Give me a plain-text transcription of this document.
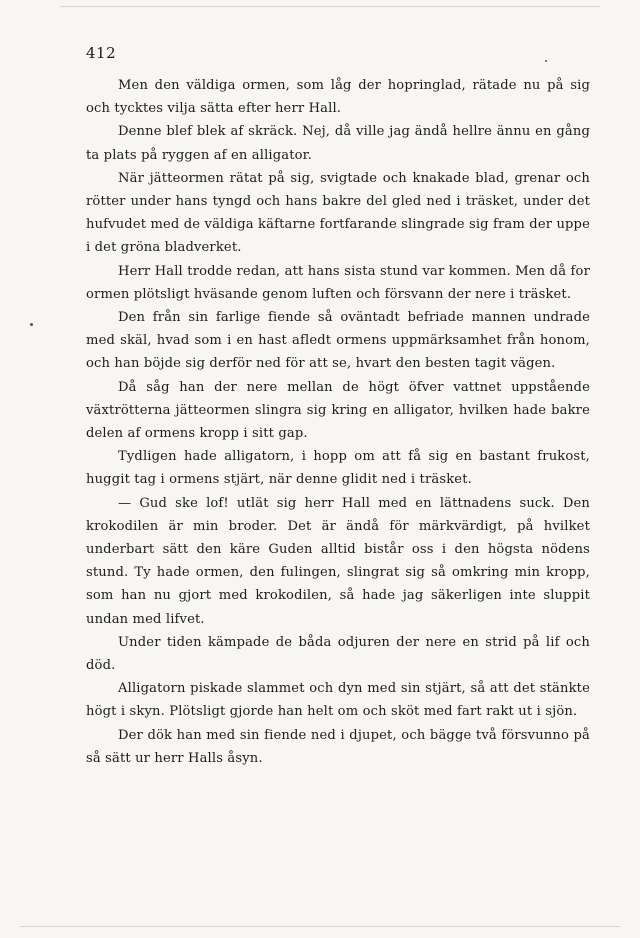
412

Men den väldiga ormen, som låg der hopringlad, rätade nu på sig och tycktes vilja sätta efter herr Hall.

Denne blef blek af skräck. Nej, då ville jag ändå hellre ännu en gång ta plats på ryggen af en alligator.

När jätteormen rätat på sig, svigtade och knakade blad, grenar och rötter under hans tyngd och hans bakre del gled ned i träsket, under det hufvudet med de väldiga käftarne fortfarande slingrade sig fram der uppe i det gröna bladverket.

Herr Hall trodde redan, att hans sista stund var kommen. Men då for ormen plötsligt hväsande genom luften och försvann der nere i träsket.

Den från sin farlige fiende så oväntadt befriade mannen undrade med skäl, hvad som i en hast afledt ormens uppmärksamhet från honom, och han böjde sig derför ned för att se, hvart den besten tagit vägen.

Då såg han der nere mellan de högt öfver vattnet uppstående växtrötterna jätteormen slingra sig kring en alligator, hvilken hade bakre delen af ormens kropp i sitt gap.

Tydligen hade alligatorn, i hopp om att få sig en bastant frukost, huggit tag i ormens stjärt, när denne glidit ned i träsket.

— Gud ske lof! utlät sig herr Hall med en lättnadens suck. Den krokodilen är min broder. Det är ändå för märkvärdigt, på hvilket underbart sätt den käre Guden alltid bistår oss i den högsta nödens stund. Ty hade ormen, den fulingen, slingrat sig så omkring min kropp, som han nu gjort med krokodilen, så hade jag säkerligen inte sluppit undan med lifvet.

Under tiden kämpade de båda odjuren der nere en strid på lif och död.

Alligatorn piskade slammet och dyn med sin stjärt, så att det stänkte högt i skyn. Plötsligt gjorde han helt om och sköt med fart rakt ut i sjön.

Der dök han med sin fiende ned i djupet, och bägge två försvunno på så sätt ur herr Halls åsyn.
